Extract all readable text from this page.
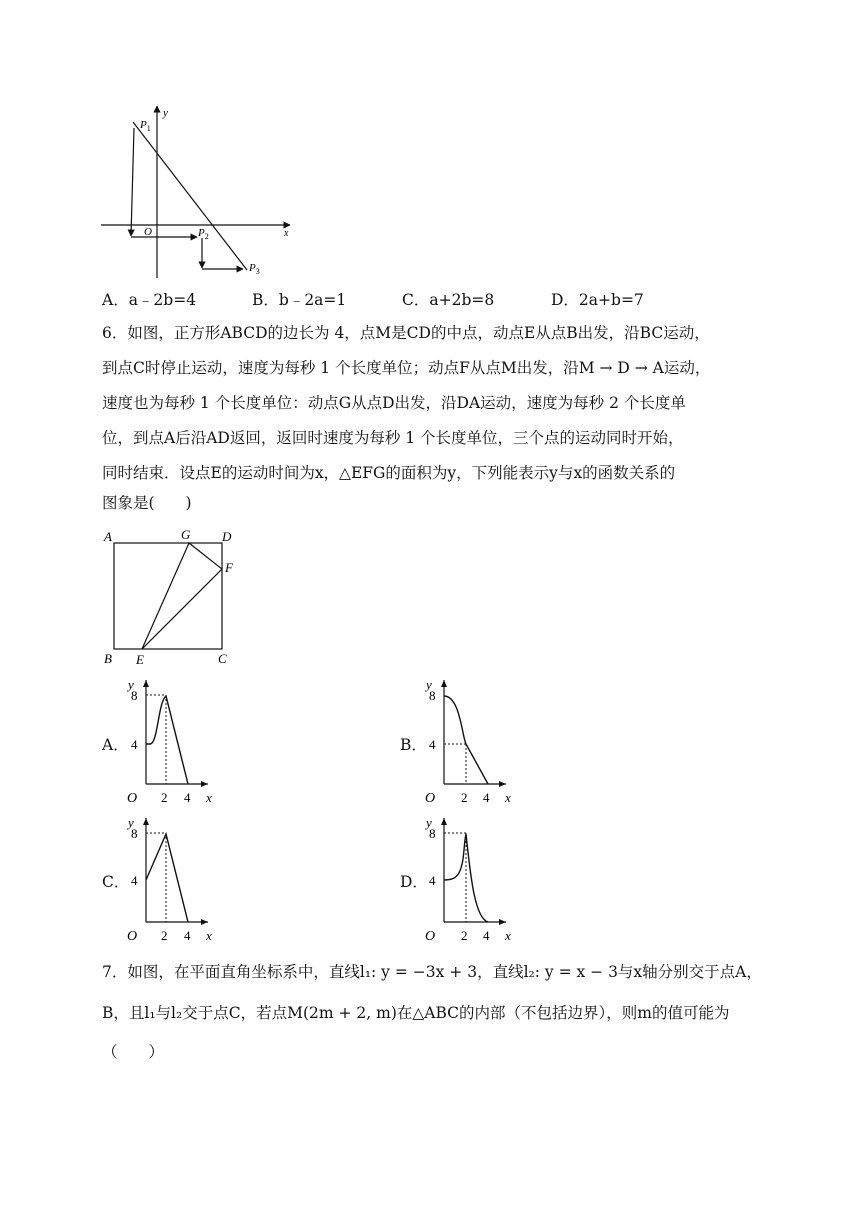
y
x
O
$P_1$
$P_2$
$P_3$
A．a﹣2b=4	B．b﹣2a=1	C．a+2b=8	D．2a+b=7
6．如图，正方形ABCD的边长为 4，点M是CD的中点，动点E从点B出发，沿BC运动，
到点C时停止运动，速度为每秒 1 个长度单位；动点F从点M出发，沿M → D → A运动，
速度也为每秒 1 个长度单位：动点G从点D出发，沿DA运动，速度为每秒 2 个长度单
位，到点A后沿AD返回，返回时速度为每秒 1 个长度单位，三个点的运动同时开始，
同时结束．设点E的运动时间为x，△EFG的面积为y，下列能表示y与x的函数关系的
图象是(　　)
A
B	C
D
E
F
G
A．
y
8
4
O 2 4 x
B．
y
8
4
O 2 4 x
C．
y
8
4
O 2 4 x
D．
y
8
4
O 2 4 x
7．如图，在平面直角坐标系中，直线l₁: y = −3x + 3，直线l₂: y = x − 3与x轴分别交于点A，
B，且l₁与l₂交于点C，若点M(2m + 2, m)在△ABC的内部（不包括边界），则m的值可能为
（　　）
